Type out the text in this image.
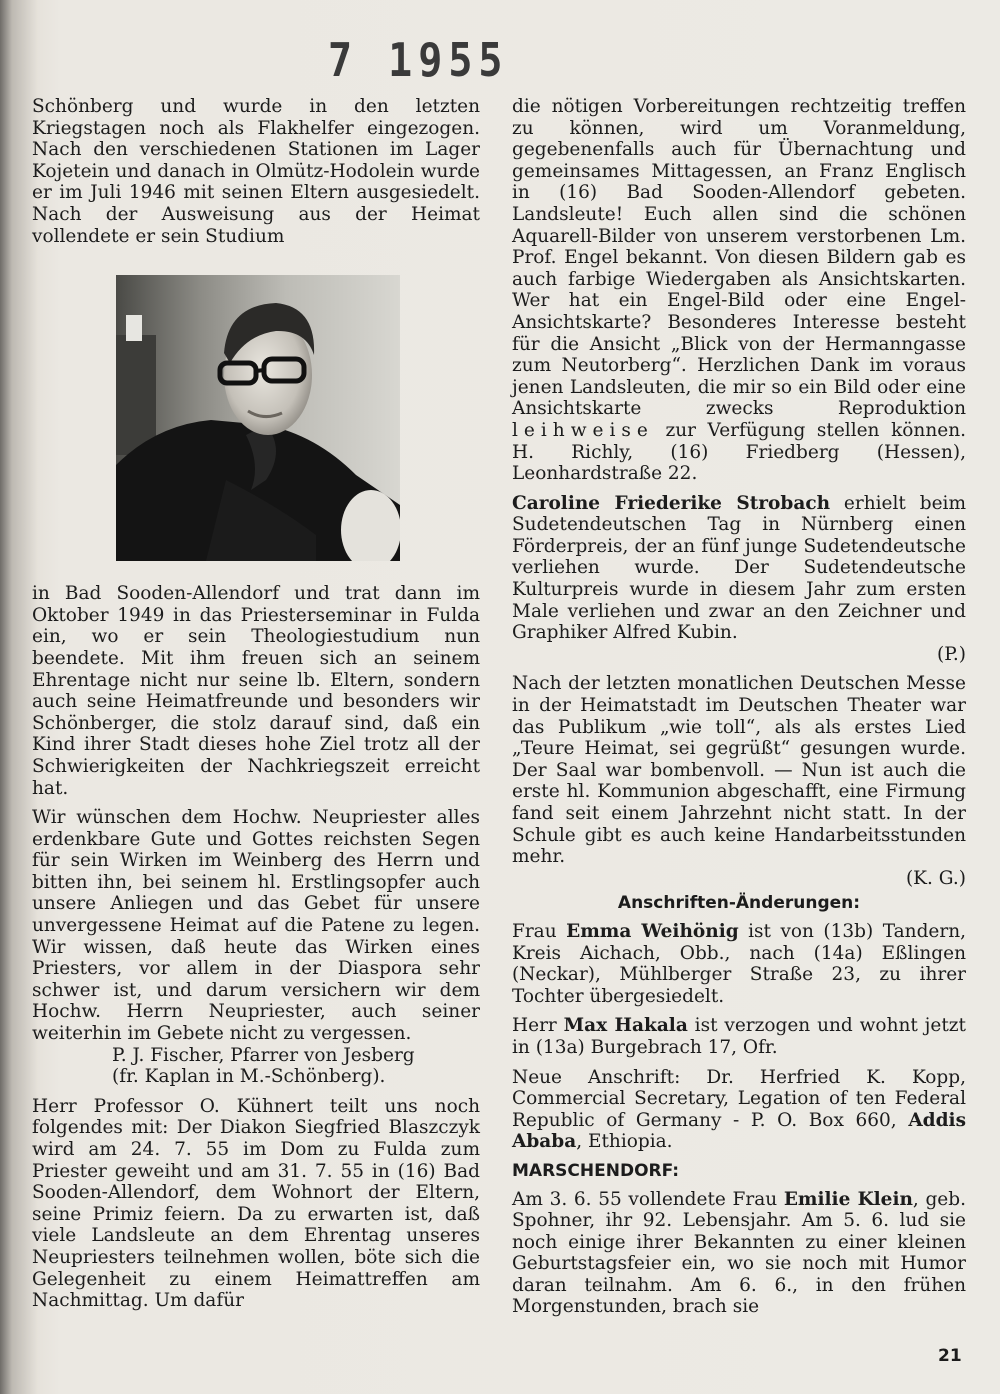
7 1955

Schönberg und wurde in den letzten Kriegstagen noch als Flakhelfer eingezogen. Nach den verschiedenen Stationen im Lager Kojetein und danach in Olmütz-Hodolein wurde er im Juli 1946 mit seinen Eltern ausgesiedelt. Nach der Ausweisung aus der Heimat vollendete er sein Studium

in Bad Sooden-Allendorf und trat dann im Oktober 1949 in das Priesterseminar in Fulda ein, wo er sein Theologiestudium nun beendete. Mit ihm freuen sich an seinem Ehrentage nicht nur seine lb. Eltern, sondern auch seine Heimatfreunde und besonders wir Schönberger, die stolz darauf sind, daß ein Kind ihrer Stadt dieses hohe Ziel trotz all der Schwierigkeiten der Nachkriegszeit erreicht hat.

Wir wünschen dem Hochw. Neupriester alles erdenkbare Gute und Gottes reichsten Segen für sein Wirken im Weinberg des Herrn und bitten ihn, bei seinem hl. Erstlingsopfer auch unsere Anliegen und das Gebet für unsere unvergessene Heimat auf die Patene zu legen. Wir wissen, daß heute das Wirken eines Priesters, vor allem in der Diaspora sehr schwer ist, und darum versichern wir dem Hochw. Herrn Neupriester, auch seiner weiterhin im Gebete nicht zu vergessen.

P. J. Fischer, Pfarrer von Jesberg
(fr. Kaplan in M.-Schönberg).

Herr Professor O. Kühnert teilt uns noch folgendes mit: Der Diakon Siegfried Blaszczyk wird am 24. 7. 55 im Dom zu Fulda zum Priester geweiht und am 31. 7. 55 in (16) Bad Sooden-Allendorf, dem Wohnort der Eltern, seine Primiz feiern. Da zu erwarten ist, daß viele Landsleute an dem Ehrentag unseres Neupriesters teilnehmen wollen, böte sich die Gelegenheit zu einem Heimattreffen am Nachmittag. Um dafür

die nötigen Vorbereitungen rechtzeitig treffen zu können, wird um Voranmeldung, gegebenenfalls auch für Übernachtung und gemeinsames Mittagessen, an Franz Englisch in (16) Bad Sooden-Allendorf gebeten. Landsleute! Euch allen sind die schönen Aquarell-Bilder von unserem verstorbenen Lm. Prof. Engel bekannt. Von diesen Bildern gab es auch farbige Wiedergaben als Ansichtskarten. Wer hat ein Engel-Bild oder eine Engel-Ansichtskarte? Besonderes Interesse besteht für die Ansicht „Blick von der Hermanngasse zum Neutorberg“. Herzlichen Dank im voraus jenen Landsleuten, die mir so ein Bild oder eine Ansichtskarte zwecks Reproduktion leihweise zur Verfügung stellen können. H. Richly, (16) Friedberg (Hessen), Leonhardstraße 22.

Caroline Friederike Strobach erhielt beim Sudetendeutschen Tag in Nürnberg einen Förderpreis, der an fünf junge Sudetendeutsche verliehen wurde. Der Sudetendeutsche Kulturpreis wurde in diesem Jahr zum ersten Male verliehen und zwar an den Zeichner und Graphiker Alfred Kubin.

(P.)

Nach der letzten monatlichen Deutschen Messe in der Heimatstadt im Deutschen Theater war das Publikum „wie toll“, als als erstes Lied „Teure Heimat, sei gegrüßt“ gesungen wurde. Der Saal war bombenvoll. — Nun ist auch die erste hl. Kommunion abgeschafft, eine Firmung fand seit einem Jahrzehnt nicht statt. In der Schule gibt es auch keine Handarbeitsstunden mehr.

(K. G.)
Anschriften-Änderungen:

Frau Emma Weihönig ist von (13b) Tandern, Kreis Aichach, Obb., nach (14a) Eßlingen (Neckar), Mühlberger Straße 23, zu ihrer Tochter übergesiedelt.

Herr Max Hakala ist verzogen und wohnt jetzt in (13a) Burgebrach 17, Ofr.

Neue Anschrift: Dr. Herfried K. Kopp, Commercial Secretary, Legation of ten Federal Republic of Germany - P. O. Box 660, Addis Ababa, Ethiopia.

MARSCHENDORF:

Am 3. 6. 55 vollendete Frau Emilie Klein, geb. Spohner, ihr 92. Lebensjahr. Am 5. 6. lud sie noch einige ihrer Bekannten zu einer kleinen Geburtstagsfeier ein, wo sie noch mit Humor daran teilnahm. Am 6. 6., in den frühen Morgenstunden, brach sie

21
